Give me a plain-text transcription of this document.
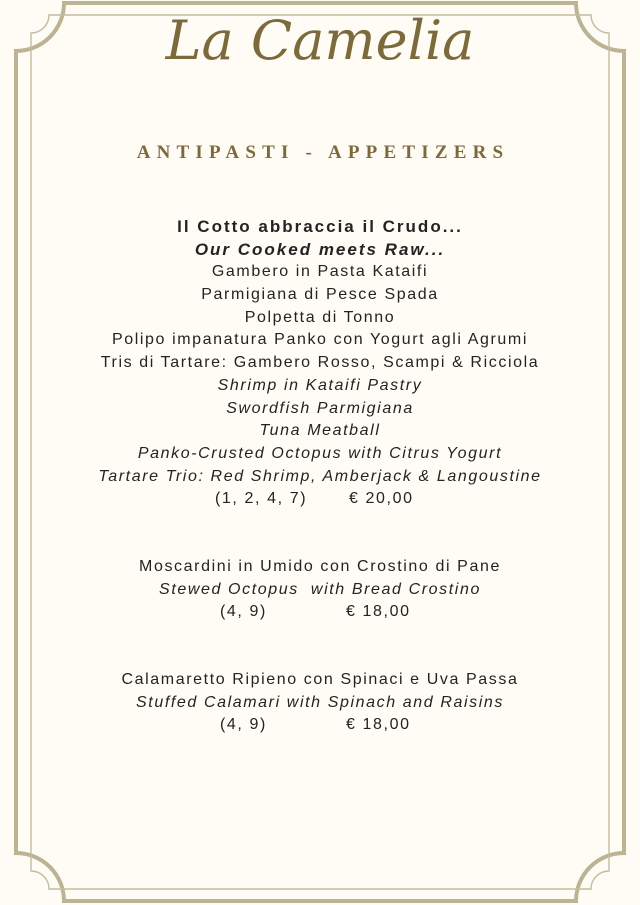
La Camelia
ANTIPASTI - APPETIZERS
Il Cotto abbraccia il Crudo...
Our Cooked meets Raw...
Gambero in Pasta Kataifi
Parmigiana di Pesce Spada
Polpetta di Tonno
Polipo impanatura Panko con Yogurt agli Agrumi
Tris di Tartare: Gambero Rosso, Scampi & Ricciola
Shrimp in Kataifi Pastry
Swordfish Parmigiana
Tuna Meatball
Panko-Crusted Octopus with Citrus Yogurt
Tartare Trio: Red Shrimp, Amberjack & Langoustine
(1, 2, 4, 7)	€ 20,00
Moscardini in Umido con Crostino di Pane
Stewed Octopus  with Bread Crostino
(4, 9)	€ 18,00
Calamaretto Ripieno con Spinaci e Uva Passa
Stuffed Calamari with Spinach and Raisins
(4, 9)	€ 18,00
